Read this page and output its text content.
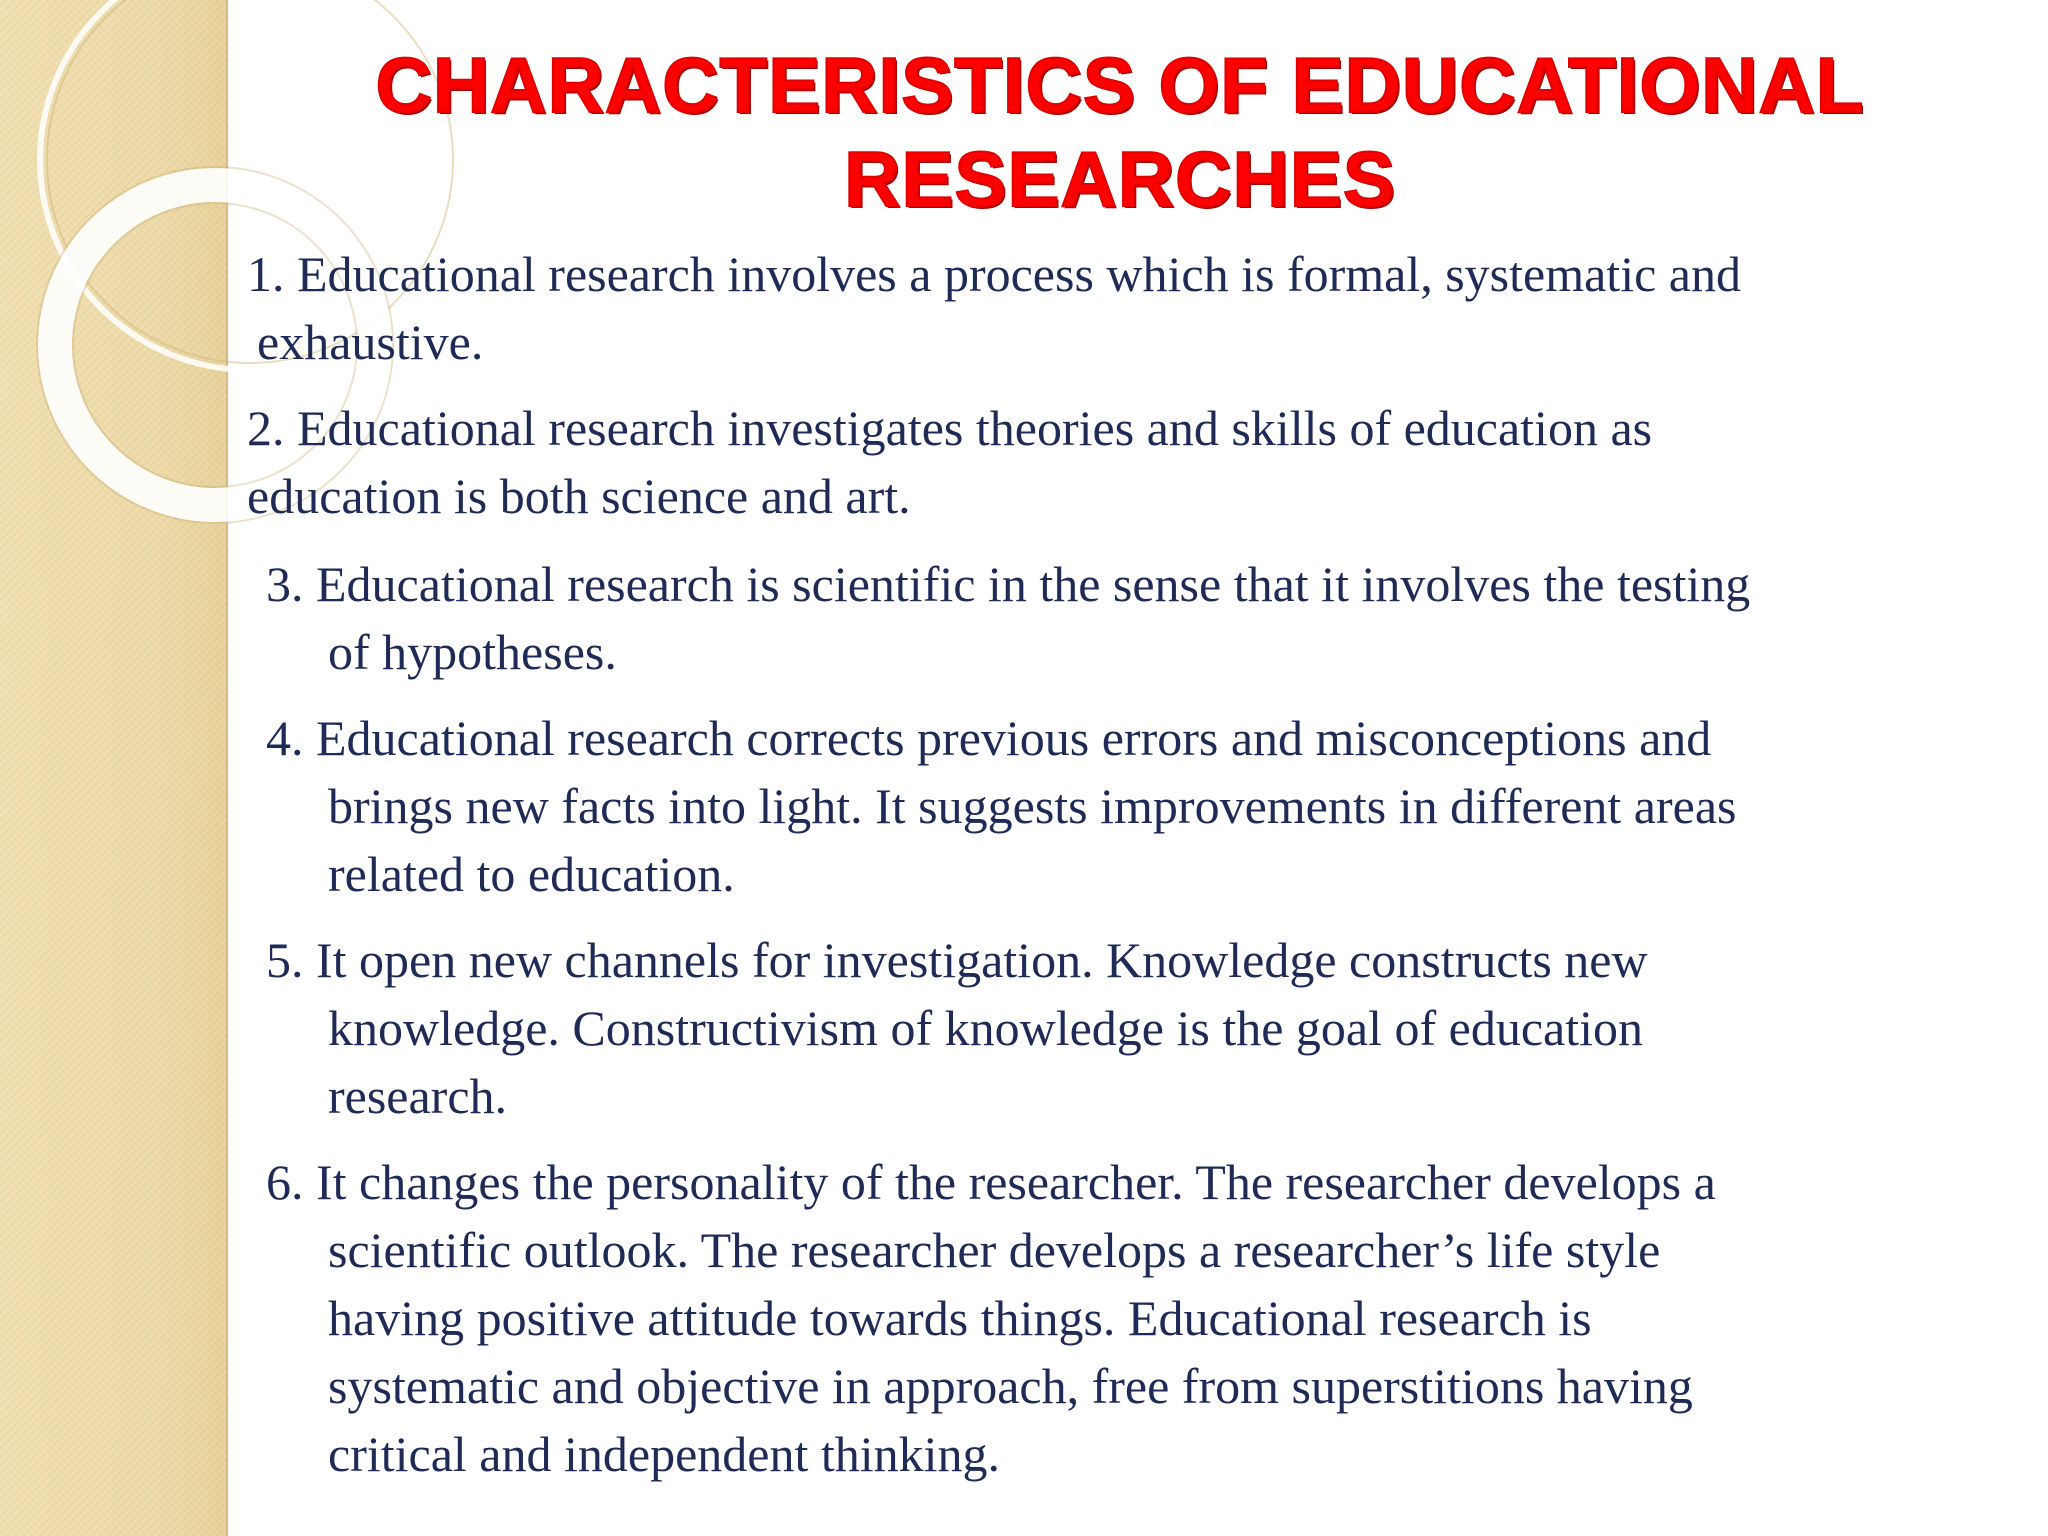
CHARACTERISTICS OF EDUCATIONAL
RESEARCHES
1. Educational research involves a process which is formal, systematic and
exhaustive.
2. Educational research investigates theories and skills of education as
education is both science and art.
3. Educational research is scientific in the sense that it involves the testing
of hypotheses.
4. Educational research corrects previous errors and misconceptions and
brings new facts into light. It suggests improvements in different areas
related to education.
5. It open new channels for investigation. Knowledge constructs new
knowledge. Constructivism of knowledge is the goal of education
research.
6. It changes the personality of the researcher. The researcher develops a
scientific outlook. The researcher develops a researcher’s life style
having positive attitude towards things. Educational research is
systematic and objective in approach, free from superstitions having
critical and independent thinking.
